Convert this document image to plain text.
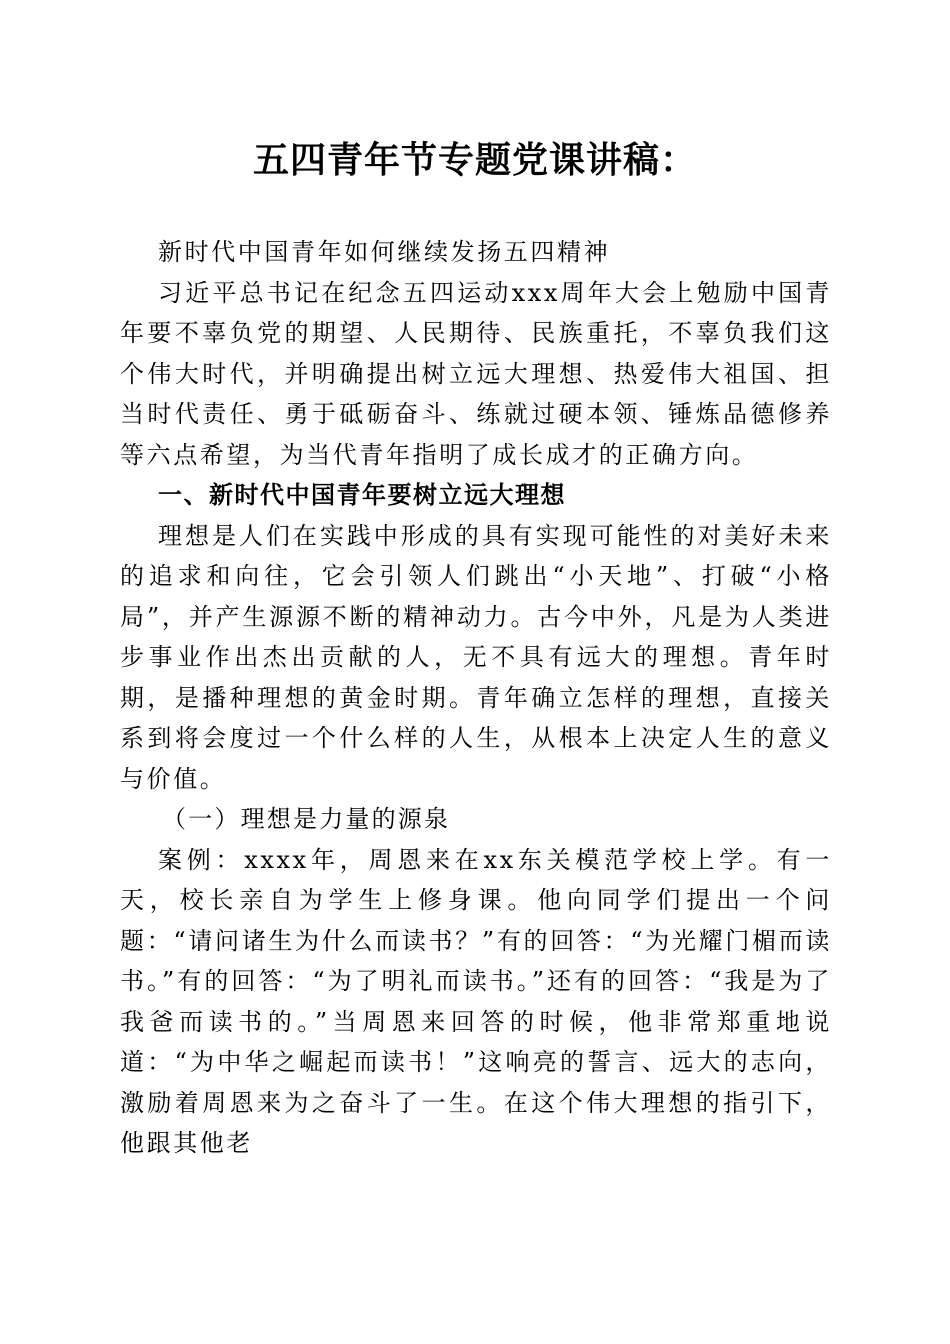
五四青年节专题党课讲稿：

新时代中国青年如何继续发扬五四精神

习近平总书记在纪念五四运动xxx周年大会上勉励中国青年要不辜负党的期望、人民期待、民族重托，不辜负我们这个伟大时代，并明确提出树立远大理想、热爱伟大祖国、担当时代责任、勇于砥砺奋斗、练就过硬本领、锤炼品德修养等六点希望，为当代青年指明了成长成才的正确方向。

一、新时代中国青年要树立远大理想

理想是人们在实践中形成的具有实现可能性的对美好未来的追求和向往，它会引领人们跳出“小天地”、打破“小格局”，并产生源源不断的精神动力。古今中外，凡是为人类进步事业作出杰出贡献的人，无不具有远大的理想。青年时期，是播种理想的黄金时期。青年确立怎样的理想，直接关系到将会度过一个什么样的人生，从根本上决定人生的意义与价值。

（一）理想是力量的源泉

案例：xxxx年，周恩来在xx东关模范学校上学。有一天，校长亲自为学生上修身课。他向同学们提出一个问题：“请问诸生为什么而读书？”有的回答：“为光耀门楣而读书。”有的回答：“为了明礼而读书。”还有的回答：“我是为了我爸而读书的。”当周恩来回答的时候，他非常郑重地说道：“为中华之崛起而读书！”这响亮的誓言、远大的志向，激励着周恩来为之奋斗了一生。在这个伟大理想的指引下，他跟其他老
